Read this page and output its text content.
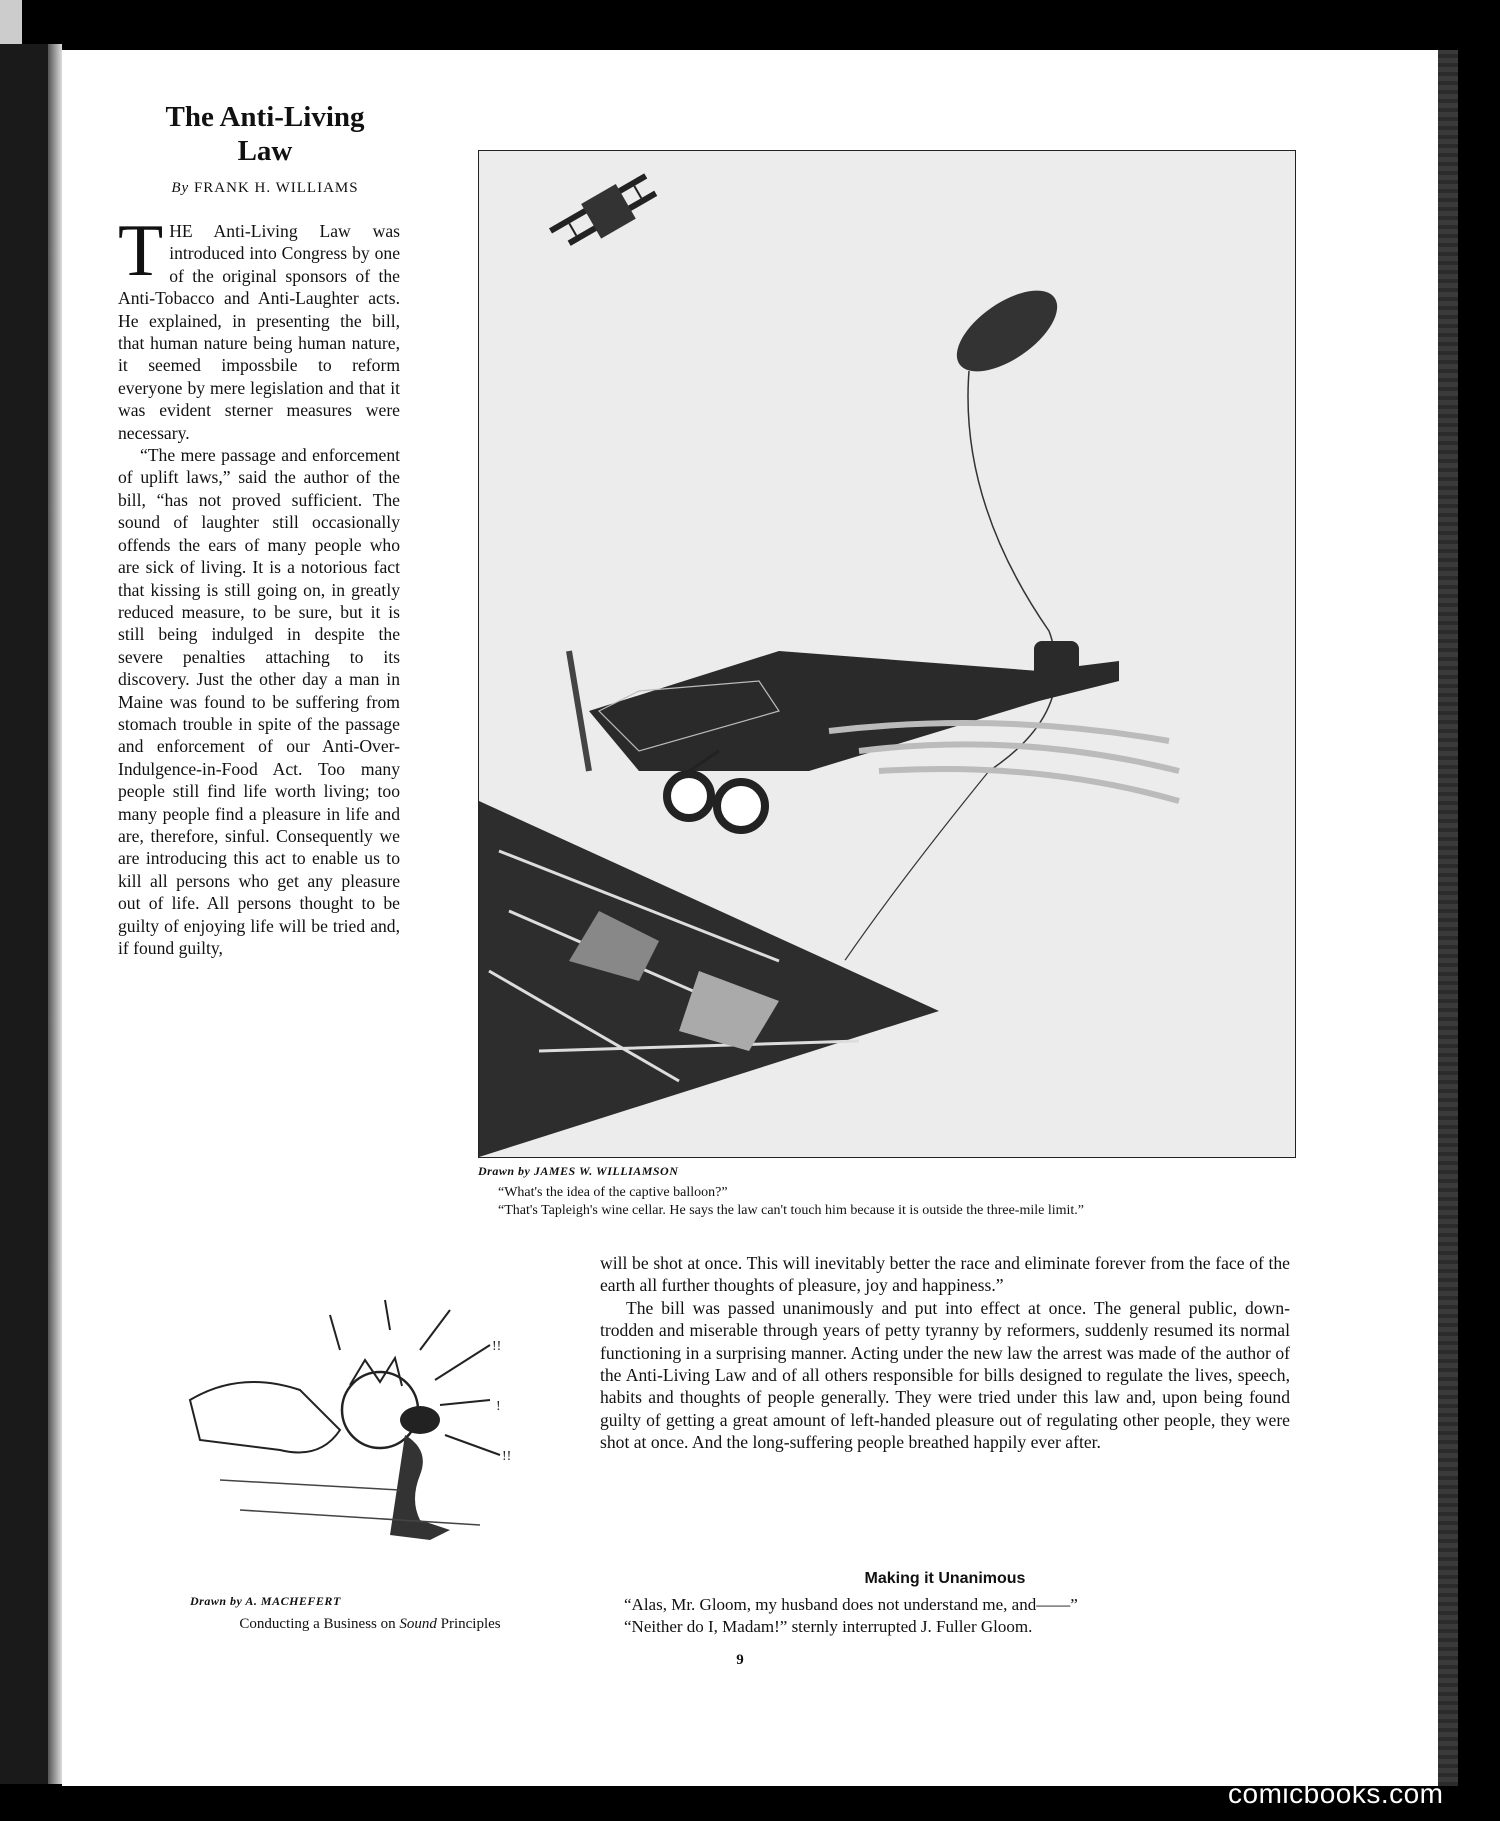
The Anti-Living
Law
By FRANK H. WILLIAMS

T HE Anti-Living Law was introduced into Congress by one of the original sponsors of the Anti-Tobacco and Anti-Laughter acts. He explained, in presenting the bill, that human nature being human nature, it seemed impossbile to reform everyone by mere legislation and that it was evident sterner measures were necessary.

“The mere passage and enforcement of uplift laws,” said the author of the bill, “has not proved sufficient. The sound of laughter still occasionally offends the ears of many people who are sick of living. It is a notorious fact that kissing is still going on, in greatly reduced measure, to be sure, but it is still being indulged in despite the severe penalties attaching to its discovery. Just the other day a man in Maine was found to be suffering from stomach trouble in spite of the passage and enforcement of our Anti-Over-Indulgence-in-Food Act. Too many people still find life worth living; too many people find a pleasure in life and are, therefore, sinful. Consequently we are introducing this act to enable us to kill all persons who get any pleasure out of life. All persons thought to be guilty of enjoying life will be tried and, if found guilty,

Drawn by JAMES W. WILLIAMSON
“What's the idea of the captive balloon?”
“That's Tapleigh's wine cellar. He says the law can't touch him because it is outside the three-mile limit.”

will be shot at once. This will inevitably better the race and eliminate forever from the face of the earth all further thoughts of pleasure, joy and happiness.”

The bill was passed unanimously and put into effect at once. The general public, down-trodden and miserable through years of petty tyranny by reformers, suddenly resumed its normal functioning in a surprising manner. Acting under the new law the arrest was made of the author of the Anti-Living Law and of all others responsible for bills designed to regulate the lives, speech, habits and thoughts of people generally. They were tried under this law and, upon being found guilty of getting a great amount of left-handed pleasure out of regulating other people, they were shot at once. And the long-suffering people breathed happily ever after.

!!
!
!!
Drawn by A. MACHEFERT
Conducting a Business on Sound Principles
Making it Unanimous

“Alas, Mr. Gloom, my husband does not understand me, and——”

“Neither do I, Madam!” sternly interrupted J. Fuller Gloom.

9
comicbooks.com
